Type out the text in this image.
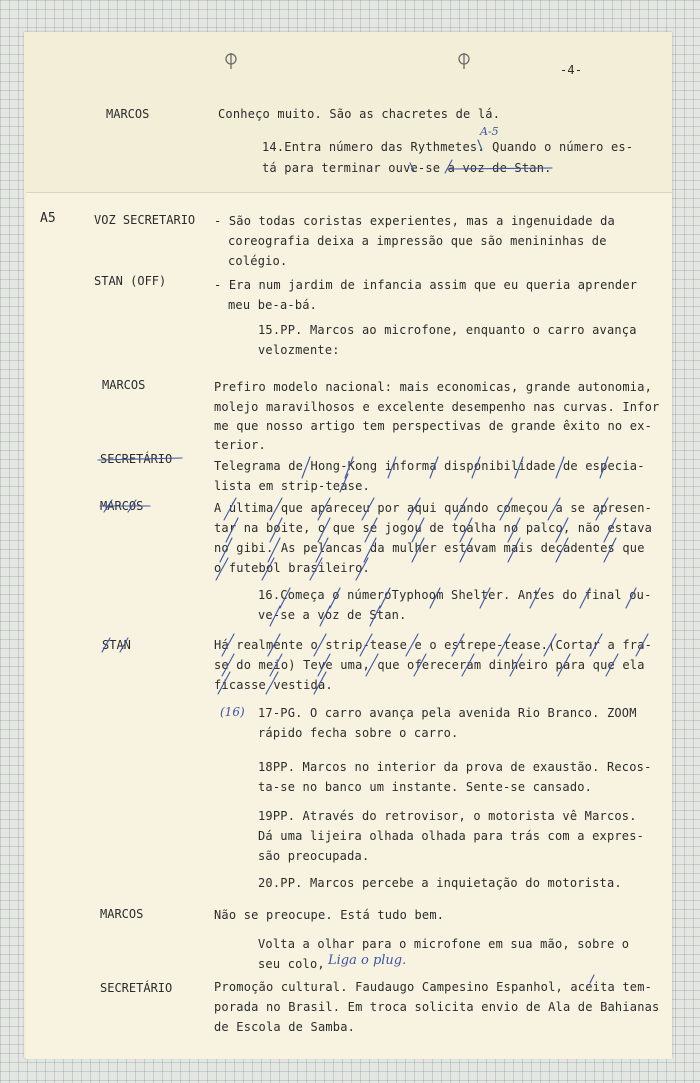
-4-
A5
MARCOS
VOZ SECRETARIO
STAN (OFF)
MARCOS
SECRETÁRIO
MARCOS
STAN
MARCOS
SECRETÁRIO
Conheço muito. São as chacretes de lá.
14.Entra número das Rythmetes. Quando o número es-
tá para terminar ouve-se a voz de Stan.
- São todas coristas experientes, mas a ingenuidade da
coreografia deixa a impressão que são menininhas de
colégio.
- Era num jardim de infancia assim que eu queria aprender
meu be-a-bá.
15.PP. Marcos ao microfone, enquanto o carro avança
velozmente:
Prefiro modelo nacional: mais economicas, grande autonomia,
molejo maravilhosos e excelente desempenho nas curvas. Infor
me que nosso artigo tem perspectivas de grande êxito no ex-
terior.
Telegrama de Hong-Kong informa disponibilidade de especia-
lista em strip-tease.
A última que apareceu por aqui quando começou a se apresen-
tar na boite, o que se jogou de toalha no palco, não estava
no gibi. As pelancas da mulher estavam mais decadentes que
o futebol brasileiro.
16.Começa o númeroTyphoom Shelter. Antes do final ou-
ve-se a voz de Stan.
Há realmente o strip-tease e o estrepe-tease.(Cortar a fra-
se do meio) Teve uma, que ofereceram dinheiro para que ela
ficasse vestida.
(16) 17-PG. O carro avança pela avenida Rio Branco. ZOOM
rápido fecha sobre o carro.
18PP. Marcos no interior da prova de exaustão. Recos-
ta-se no banco um instante. Sente-se cansado.
19PP. Através do retrovisor, o motorista vê Marcos.
Dá uma lijeira olhada olhada para trás com a expres-
são preocupada.
20.PP. Marcos percebe a inquietação do motorista.
Não se preocupe. Está tudo bem.
Volta a olhar para o microfone em sua mão, sobre o
seu colo, Liga o plug.
Promoção cultural. Faudaugo Campesino Espanhol, aceita tem-
porada no Brasil. Em troca solicita envio de Ala de Bahianas
de Escola de Samba.
A-5
